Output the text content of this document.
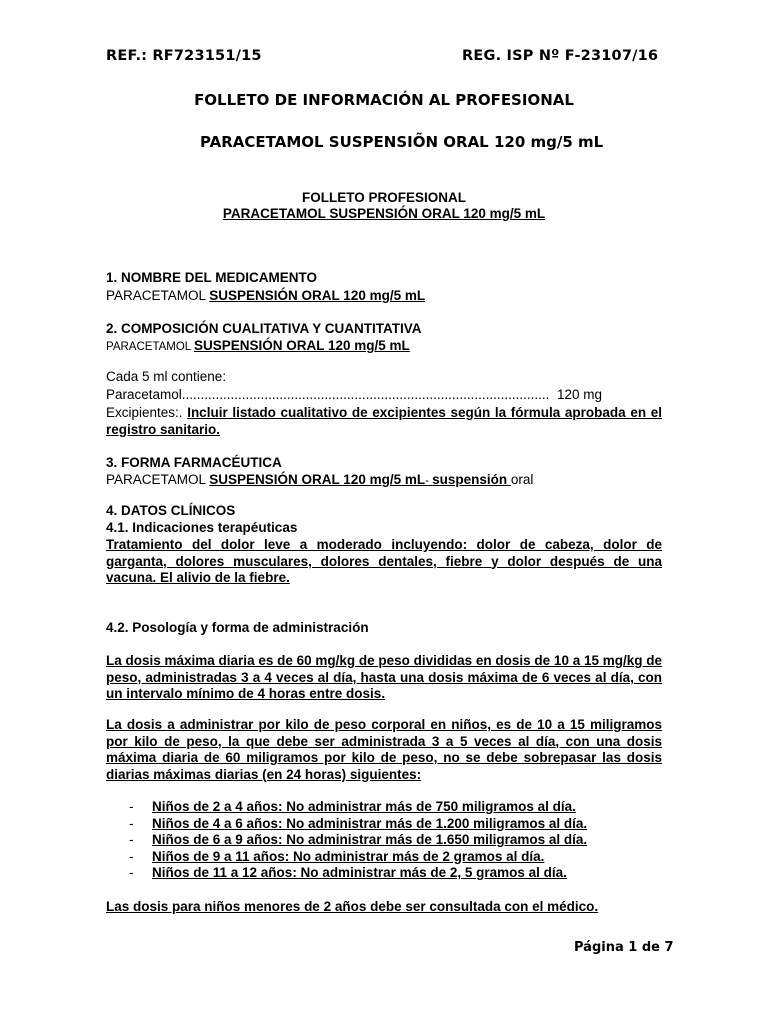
REF.: RF723151/15	REG. ISP Nº F-23107/16
FOLLETO DE INFORMACIÓN AL PROFESIONAL
PARACETAMOL SUSPENSIÕN ORAL 120 mg/5 mL
FOLLETO PROFESIONAL
PARACETAMOL SUSPENSIÓN ORAL 120 mg/5 mL
1. NOMBRE DEL MEDICAMENTO
PARACETAMOL SUSPENSIÓN ORAL 120 mg/5 mL
2. COMPOSICIÓN CUALITATIVA Y CUANTITATIVA
PARACETAMOL SUSPENSIÓN ORAL 120 mg/5 mL
Cada 5 ml contiene:
Paracetamol.................................................................................................. 120 mg
Excipientes:. Incluir listado cualitativo de excipientes según la fórmula aprobada en el registro sanitario.
3. FORMA FARMACÉUTICA
PARACETAMOL SUSPENSIÓN ORAL 120 mg/5 mL- suspensión oral
4. DATOS CLÍNICOS
4.1. Indicaciones terapéuticas
Tratamiento del dolor leve a moderado incluyendo: dolor de cabeza, dolor de garganta, dolores musculares, dolores dentales, fiebre y dolor después de una vacuna. El alivio de la fiebre.
4.2. Posología y forma de administración
La dosis máxima diaria es de 60 mg/kg de peso divididas en dosis de 10 a 15 mg/kg de peso, administradas 3 a 4 veces al día, hasta una dosis máxima de 6 veces al día, con un intervalo mínimo de 4 horas entre dosis.
La dosis a administrar por kilo de peso corporal en niños, es de 10 a 15 miligramos por kilo de peso, la que debe ser administrada 3 a 5 veces al día, con una dosis máxima diaria de 60 miligramos por kilo de peso, no se debe sobrepasar las dosis diarias máximas diarias (en 24 horas) siguientes:
- Niños de 2 a 4 años: No administrar más de 750 miligramos al día.
- Niños de 4 a 6 años: No administrar más de 1.200 miligramos al día.
- Niños de 6 a 9 años: No administrar más de 1.650 miligramos al día.
- Niños de 9 a 11 años: No administrar más de 2 gramos al día.
- Niños de 11 a 12 años: No administrar más de 2, 5 gramos al día.
Las dosis para niños menores de 2 años debe ser consultada con el médico.
Página 1 de 7
